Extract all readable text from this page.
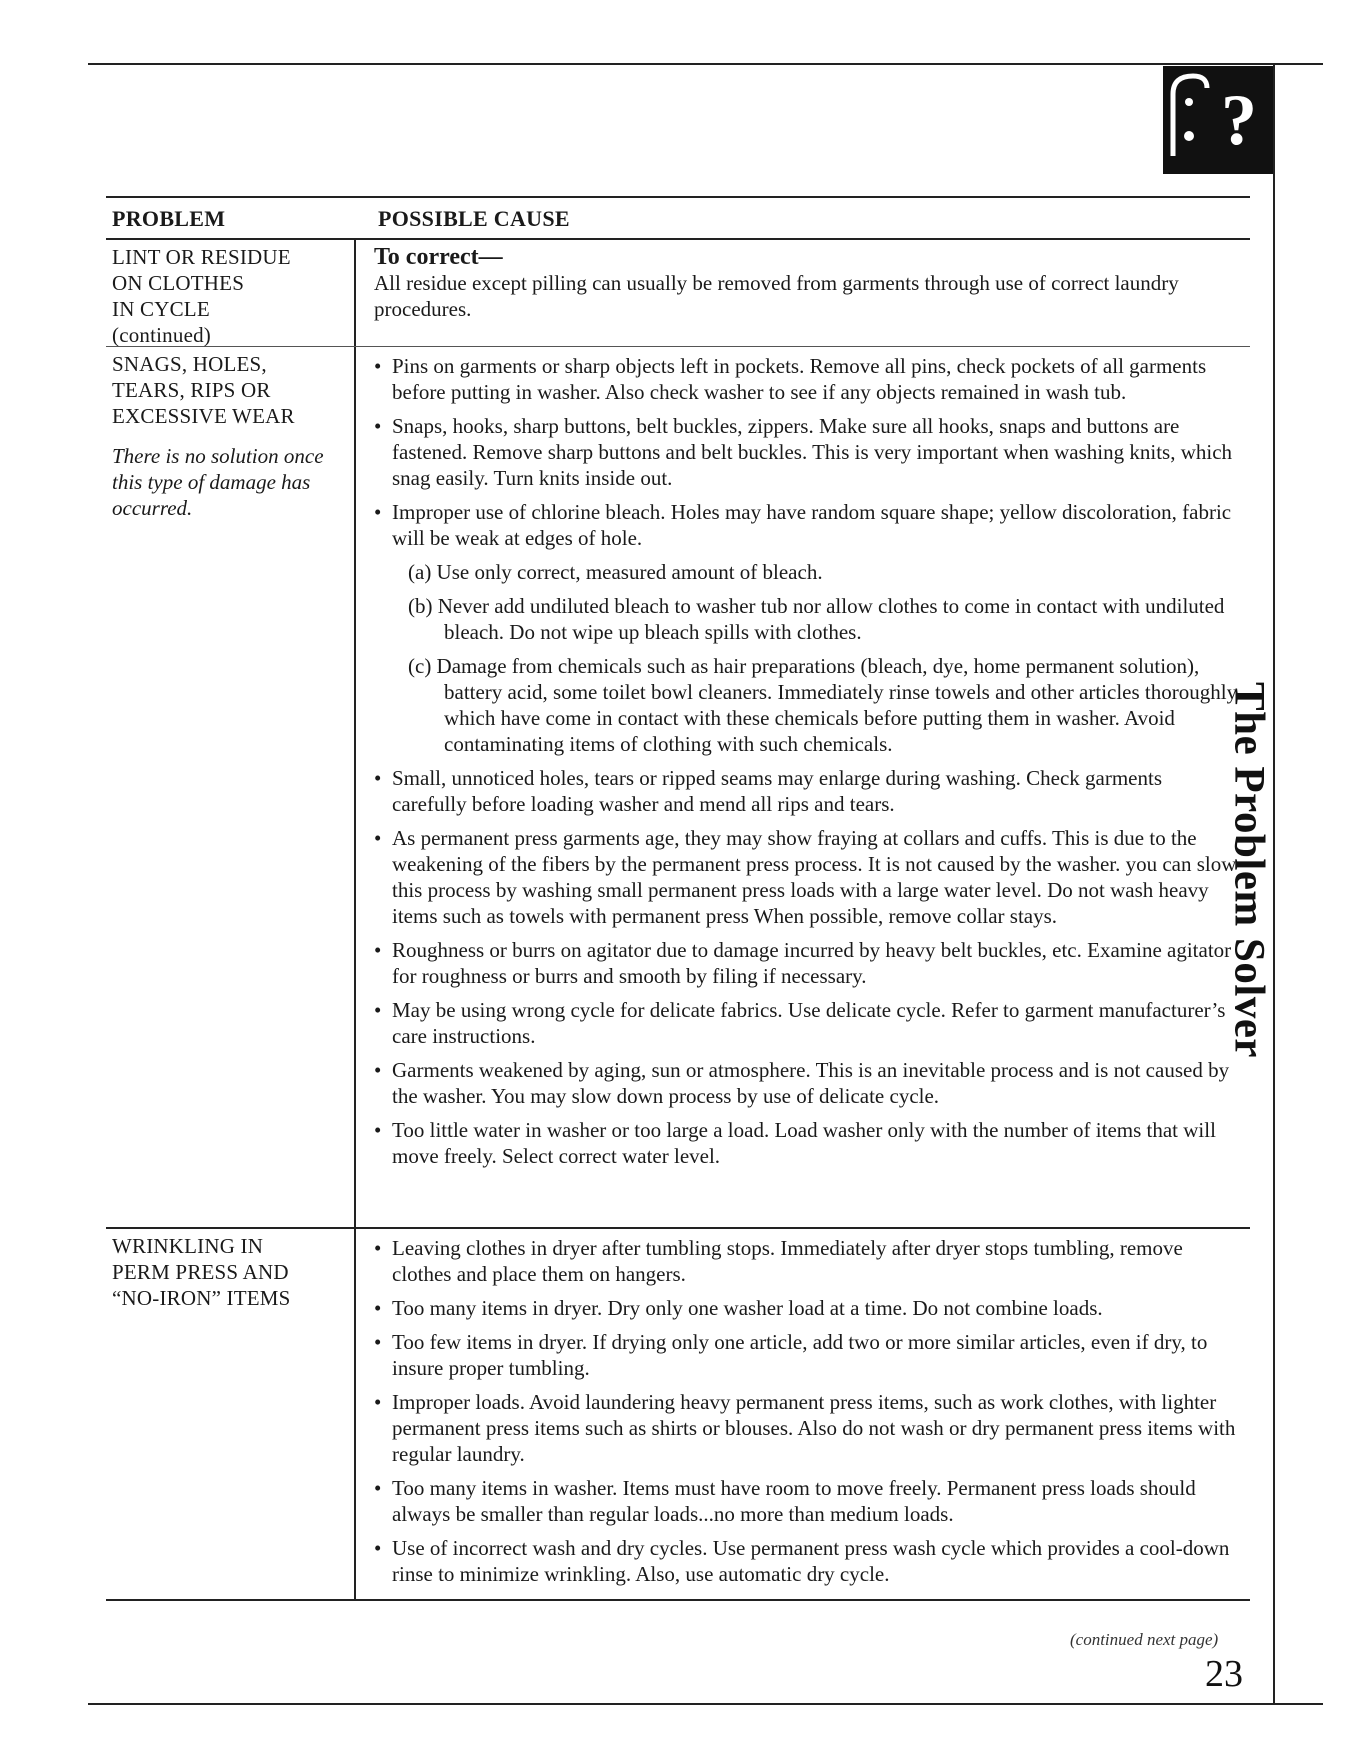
?
The Problem Solver
PROBLEM	POSSIBLE CAUSE
LINT OR RESIDUE
ON CLOTHES
IN CYCLE
(continued)
To correct—
All residue except pilling can usually be removed from garments through use of correct laundry procedures.
SNAGS, HOLES,
TEARS, RIPS OR
EXCESSIVE WEAR
There is no solution once this type of damage has occurred.
• Pins on garments or sharp objects left in pockets. Remove all pins, check pockets of all garments before putting in washer. Also check washer to see if any objects remained in wash tub.
• Snaps, hooks, sharp buttons, belt buckles, zippers. Make sure all hooks, snaps and buttons are fastened. Remove sharp buttons and belt buckles. This is very important when washing knits, which snag easily. Turn knits inside out.
• Improper use of chlorine bleach. Holes may have random square shape; yellow discoloration, fabric will be weak at edges of hole.
(a) Use only correct, measured amount of bleach.
(b) Never add undiluted bleach to washer tub nor allow clothes to come in contact with undiluted bleach. Do not wipe up bleach spills with clothes.
(c) Damage from chemicals such as hair preparations (bleach, dye, home permanent solution), battery acid, some toilet bowl cleaners. Immediately rinse towels and other articles thoroughly which have come in contact with these chemicals before putting them in washer. Avoid contaminating items of clothing with such chemicals.
• Small, unnoticed holes, tears or ripped seams may enlarge during washing. Check garments carefully before loading washer and mend all rips and tears.
• As permanent press garments age, they may show fraying at collars and cuffs. This is due to the weakening of the fibers by the permanent press process. It is not caused by the washer. you can slow this process by washing small permanent press loads with a large water level. Do not wash heavy items such as towels with permanent press When possible, remove collar stays.
• Roughness or burrs on agitator due to damage incurred by heavy belt buckles, etc. Examine agitator for roughness or burrs and smooth by filing if necessary.
• May be using wrong cycle for delicate fabrics. Use delicate cycle. Refer to garment manufacturer’s care instructions.
• Garments weakened by aging, sun or atmosphere. This is an inevitable process and is not caused by the washer. You may slow down process by use of delicate cycle.
• Too little water in washer or too large a load. Load washer only with the number of items that will move freely. Select correct water level.
WRINKLING IN
PERM PRESS AND
“NO-IRON” ITEMS
• Leaving clothes in dryer after tumbling stops. Immediately after dryer stops tumbling, remove clothes and place them on hangers.
• Too many items in dryer. Dry only one washer load at a time. Do not combine loads.
• Too few items in dryer. If drying only one article, add two or more similar articles, even if dry, to insure proper tumbling.
• Improper loads. Avoid laundering heavy permanent press items, such as work clothes, with lighter permanent press items such as shirts or blouses. Also do not wash or dry permanent press items with regular laundry.
• Too many items in washer. Items must have room to move freely. Permanent press loads should always be smaller than regular loads...no more than medium loads.
• Use of incorrect wash and dry cycles. Use permanent press wash cycle which provides a cool-down rinse to minimize wrinkling. Also, use automatic dry cycle.
(continued next page)
23
